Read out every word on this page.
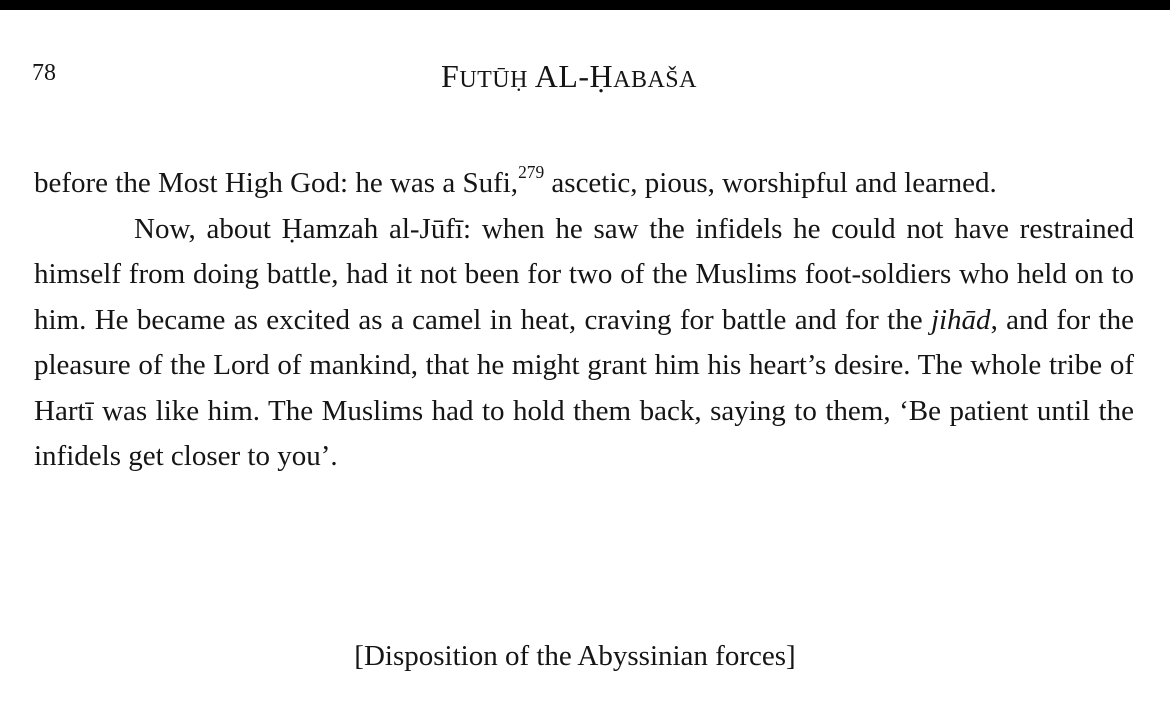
78	FUTŪḤ AL-ḤABAŠA

before the Most High God: he was a Sufi,$^{279}$ ascetic, pious, worshipful and learned.

Now, about Ḥamzah al-Jūfī: when he saw the infidels he could not have restrained himself from doing battle, had it not been for two of the Muslims foot-soldiers who held on to him. He became as excited as a camel in heat, craving for battle and for the jihād, and for the pleasure of the Lord of mankind, that he might grant him his heart’s desire. The whole tribe of Hartī was like him. The Muslims had to hold them back, saying to them, ‘Be patient until the infidels get closer to you’.

[Disposition of the Abyssinian forces]
